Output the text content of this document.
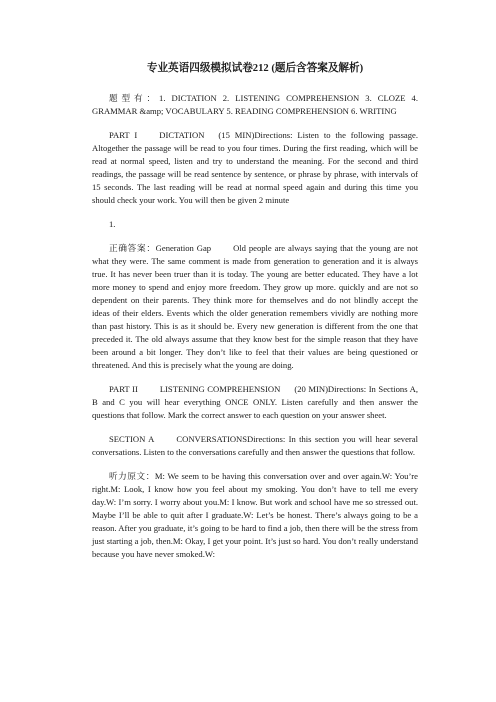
专业英语四级模拟试卷212 (题后含答案及解析)

题型有：1. DICTATION 2. LISTENING COMPREHENSION 3. CLOZE 4. GRAMMAR &amp; VOCABULARY 5. READING COMPREHENSION 6. WRITING

PART I	DICTATION (15 MIN)Directions: Listen to the following passage. Altogether the passage will be read to you four times. During the first reading, which will be read at normal speed, listen and try to understand the meaning. For the second and third readings, the passage will be read sentence by sentence, or phrase by phrase, with intervals of 15 seconds. The last reading will be read at normal speed again and during this time you should check your work. You will then be given 2 minute

1.

正确答案：Generation Gap	Old people are always saying that the young are not what they were. The same comment is made from generation to generation and it is always true. It has never been truer than it is today. The young are better educated. They have a lot more money to spend and enjoy more freedom. They grow up more. quickly and are not so dependent on their parents. They think more for themselves and do not blindly accept the ideas of their elders. Events which the older generation remembers vividly are nothing more than past history. This is as it should be. Every new generation is different from the one that preceded it. The old always assume that they know best for the simple reason that they have been around a bit longer. They don’t like to feel that their values are being questioned or threatened. And this is precisely what the young are doing.

PART II	LISTENING COMPREHENSION (20 MIN)Directions: In Sections A, B and C you will hear everything ONCE ONLY. Listen carefully and then answer the questions that follow. Mark the correct answer to each question on your answer sheet.

SECTION A	CONVERSATIONSDirections: In this section you will hear several conversations. Listen to the conversations carefully and then answer the questions that follow.

听力原文：M: We seem to be having this conversation over and over again.W: You’re right.M: Look, I know how you feel about my smoking. You don’t have to tell me every day.W: I’m sorry. I worry about you.M: I know. But work and school have me so stressed out. Maybe I’ll be able to quit after I graduate.W: Let’s be honest. There’s always going to be a reason. After you graduate, it’s going to be hard to find a job, then there will be the stress from just starting a job, then.M: Okay, I get your point. It’s just so hard. You don’t really understand because you have never smoked.W:
